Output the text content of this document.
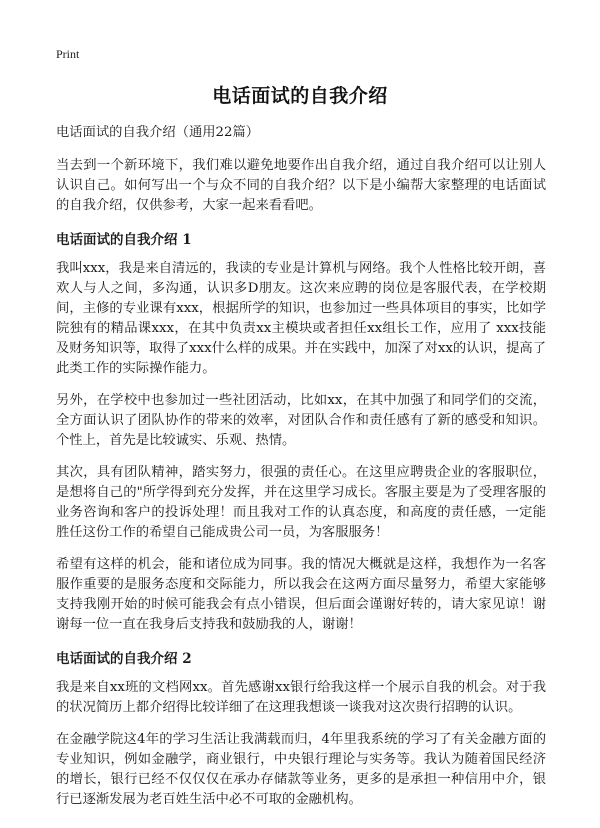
Print
电话面试的自我介绍

电话面试的自我介绍（通用22篇）

当去到一个新环境下，我们难以避免地要作出自我介绍，通过自我介绍可以让别人认识自己。如何写出一个与众不同的自我介绍？以下是小编帮大家整理的电话面试的自我介绍，仅供参考，大家一起来看看吧。

电话面试的自我介绍 1

我叫xxx，我是来自清远的，我读的专业是计算机与网络。我个人性格比较开朗，喜欢人与人之间，多沟通，认识多D朋友。这次来应聘的岗位是客服代表，在学校期间，主修的专业课有xxx，根据所学的知识，也参加过一些具体项目的事实，比如学院独有的精品课xxx，在其中负责xx主模块或者担任xx组长工作，应用了 xxx技能及财务知识等，取得了xxx什么样的成果。并在实践中，加深了对xx的认识，提高了此类工作的实际操作能力。

另外，在学校中也参加过一些社团活动，比如xx，在其中加强了和同学们的交流，全方面认识了团队协作的带来的效率，对团队合作和责任感有了新的感受和知识。个性上，首先是比较诚实、乐观、热情。

其次，具有团队精神，踏实努力，很强的责任心。在这里应聘贵企业的客服职位，是想将自己的"所学得到充分发挥，并在这里学习成长。客服主要是为了受理客服的业务咨询和客户的投诉处理！而且我对工作的认真态度，和高度的责任感，一定能胜任这份工作的希望自己能成贵公司一员，为客服服务！

希望有这样的机会，能和诸位成为同事。我的情况大概就是这样，我想作为一名客服作重要的是服务态度和交际能力，所以我会在这两方面尽量努力，希望大家能够支持我刚开始的时候可能我会有点小错误，但后面会谨谢好转的，请大家见谅！谢谢每一位一直在我身后支持我和鼓励我的人，谢谢！

电话面试的自我介绍 2

我是来自xx班的文档网xx。首先感谢xx银行给我这样一个展示自我的机会。对于我的状况简历上都介绍得比较详细了在这理我想谈一谈我对这次贵行招聘的认识。

在金融学院这4年的学习生活让我满载而归，4年里我系统的学习了有关金融方面的专业知识，例如金融学，商业银行，中央银行理论与实务等。我认为随着国民经济的增长，银行已经不仅仅仅在承办存储款等业务，更多的是承担一种信用中介，银行已逐渐发展为老百姓生活中必不可取的金融机构。
